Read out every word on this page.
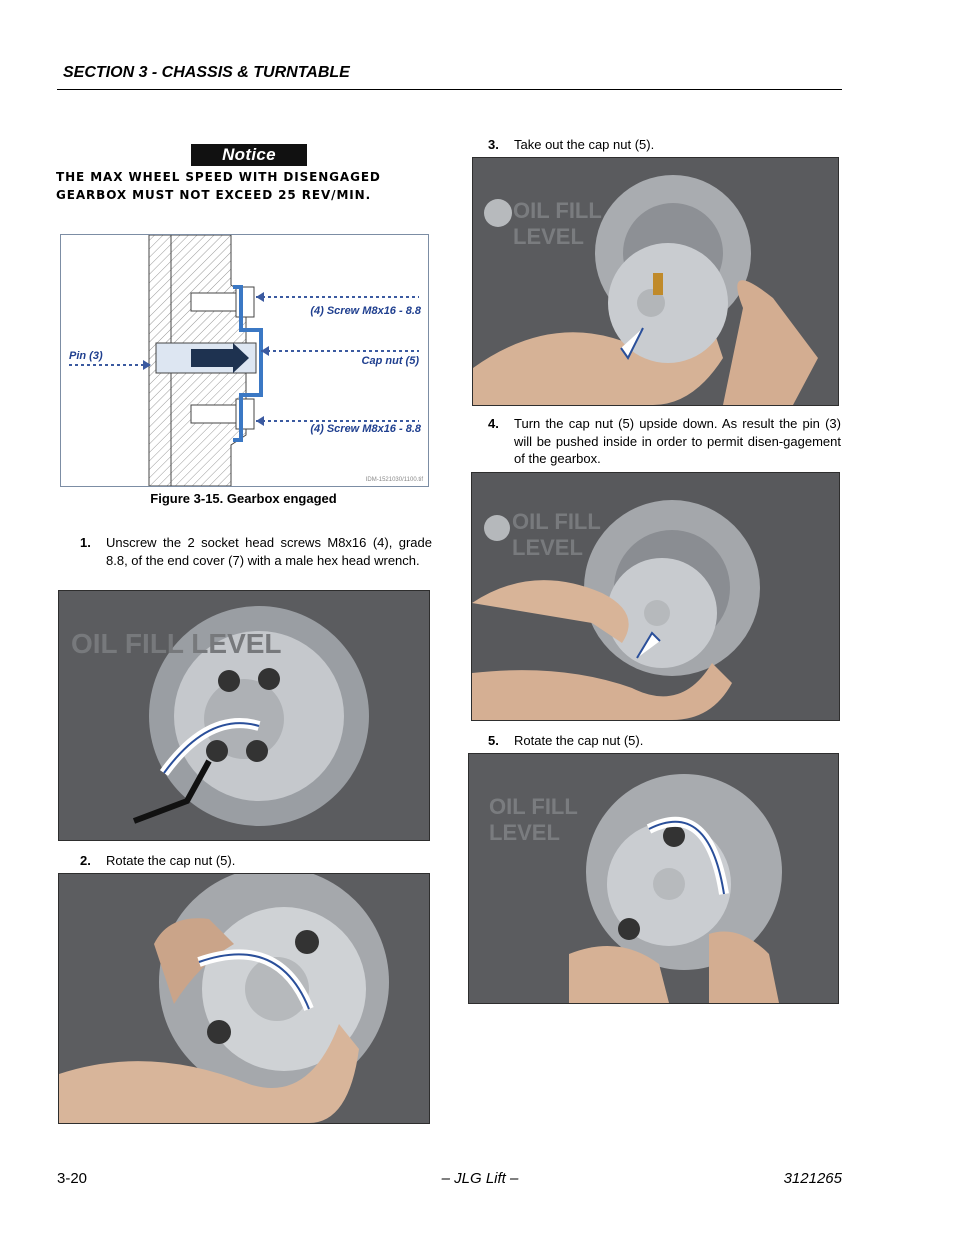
SECTION 3 - CHASSIS & TURNTABLE
Notice
THE MAX WHEEL SPEED WITH DISENGAGED GEARBOX MUST NOT EXCEED 25 REV/MIN.
(4) Screw M8x16 - 8.8
Pin (3)	Cap nut (5)
(4) Screw M8x16 - 8.8
IDM-1521030/1100.tif
Figure 3-15. Gearbox engaged
1. Unscrew the 2 socket head screws M8x16 (4), grade 8.8, of the end cover (7) with a male hex head wrench.
OIL FILL LEVEL
2. Rotate the cap nut (5).
3. Take out the cap nut (5).
OIL FILL
LEVEL
4. Turn the cap nut (5) upside down. As result the pin (3) will be pushed inside in order to permit disen-gagement of the gearbox.
OIL FILL
LEVEL
5. Rotate the cap nut (5).
OIL FILL
LEVEL
3-20	– JLG Lift –	3121265
